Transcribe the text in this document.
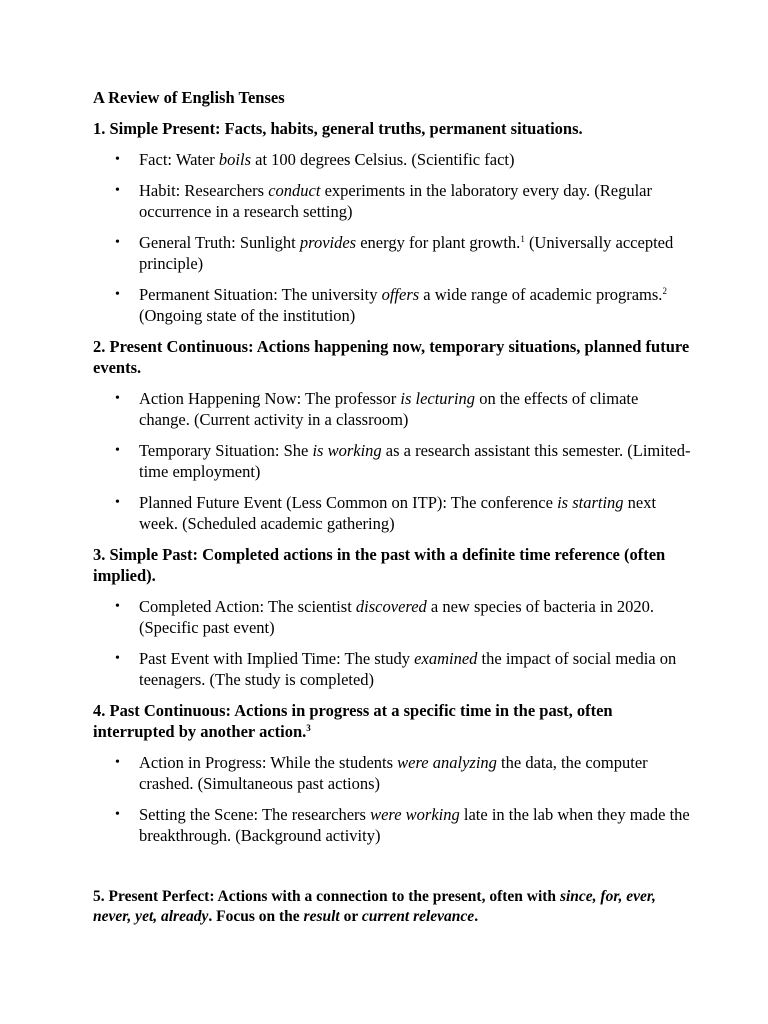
A Review of English Tenses

1. Simple Present: Facts, habits, general truths, permanent situations.

• Fact: Water boils at 100 degrees Celsius. (Scientific fact)
• Habit: Researchers conduct experiments in the laboratory every day. (Regular occurrence in a research setting)
• General Truth: Sunlight provides energy for plant growth.$^1$ (Universally accepted principle)
• Permanent Situation: The university offers a wide range of academic programs.$^2$ (Ongoing state of the institution)

2. Present Continuous: Actions happening now, temporary situations, planned future events.

• Action Happening Now: The professor is lecturing on the effects of climate change. (Current activity in a classroom)
• Temporary Situation: She is working as a research assistant this semester. (Limited-time employment)
• Planned Future Event (Less Common on ITP): The conference is starting next week. (Scheduled academic gathering)

3. Simple Past: Completed actions in the past with a definite time reference (often implied).

• Completed Action: The scientist discovered a new species of bacteria in 2020. (Specific past event)
• Past Event with Implied Time: The study examined the impact of social media on teenagers. (The study is completed)

4. Past Continuous: Actions in progress at a specific time in the past, often interrupted by another action.$^3$

• Action in Progress: While the students were analyzing the data, the computer crashed. (Simultaneous past actions)
• Setting the Scene: The researchers were working late in the lab when they made the breakthrough. (Background activity)

5. Present Perfect: Actions with a connection to the present, often with since, for, ever, never, yet, already. Focus on the result or current relevance.
